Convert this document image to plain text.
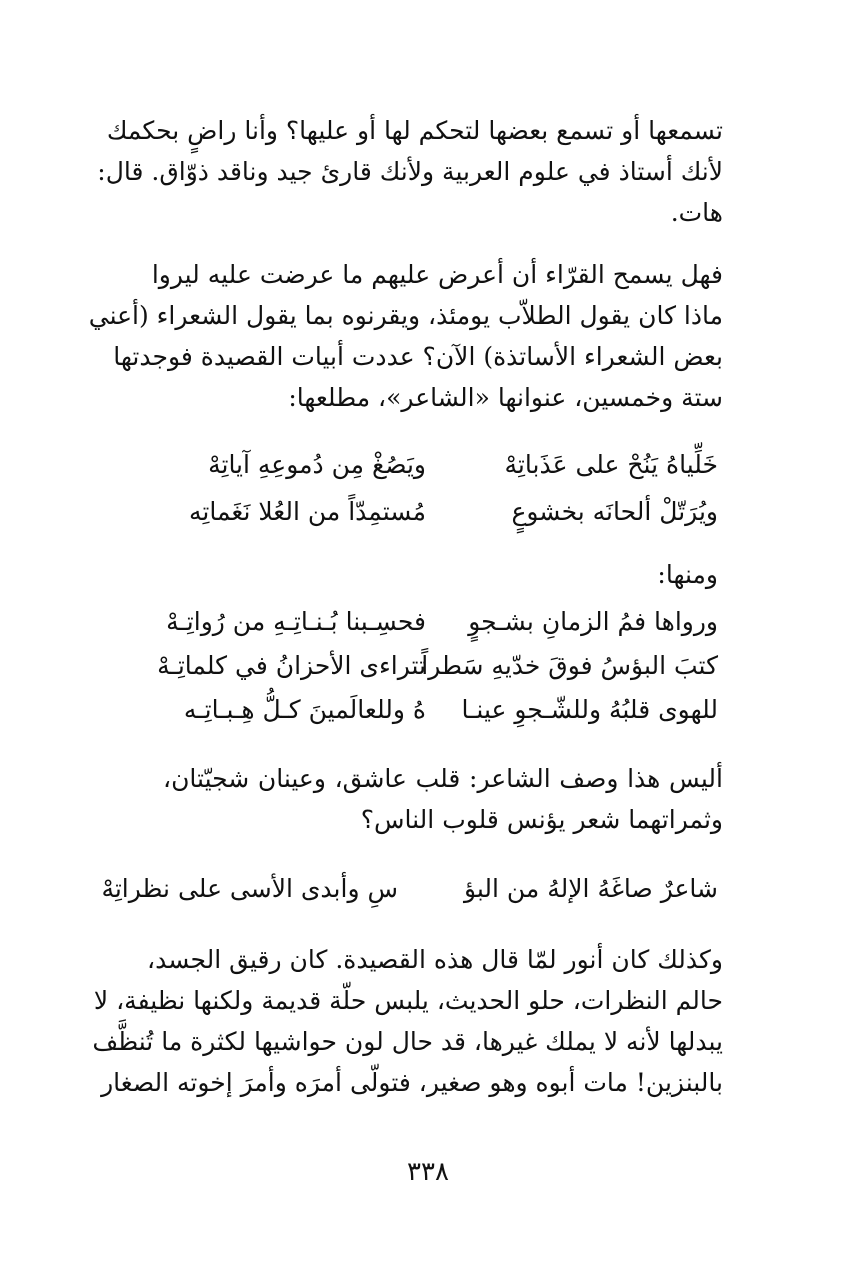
تسمعها أو تسمع بعضها لتحكم لها أو عليها؟ وأنا راضٍ بحكمك
لأنك أستاذ في علوم العربية ولأنك قارئ جيد وناقد ذوّاق. قال:
هات.
فهل يسمح القرّاء أن أعرض عليهم ما عرضت عليه ليروا
ماذا كان يقول الطلاّب يومئذ، ويقرنوه بما يقول الشعراء (أعني
بعض الشعراء الأساتذة) الآن؟ عددت أبيات القصيدة فوجدتها
ستة وخمسين، عنوانها «الشاعر»، مطلعها:
خَلِّياهُ يَنُحْ على عَذَباتِهْ
ويَصُغْ مِن دُموعِهِ آياتِهْ
ويُرَتّلْ ألحانَه بخشوعٍ
مُستمِدّاً من العُلا نَغَماتِه
ومنها:
ورواها فمُ الزمانِ بشـجوٍ
فحسِـبنا بُـنـاتِـهِ من رُواتِـهْ
كتبَ البؤسُ فوقَ خدّيهِ سَطراً
تتراءى الأحزانُ في كلماتِـهْ
للهوى قلبُهُ وللشّـجوِ عينـا
هُ وللعالَمينَ كـلُّ هِـبـاتِـه
أليس هذا وصف الشاعر: قلب عاشق، وعينان شجيّتان،
وثمراتهما شعر يؤنس قلوب الناس؟
شاعرٌ صاغَهُ الإلهُ من البؤ
سِ وأبدى الأسى على نظراتِهْ
وكذلك كان أنور لمّا قال هذه القصيدة. كان رقيق الجسد،
حالم النظرات، حلو الحديث، يلبس حلّة قديمة ولكنها نظيفة، لا
يبدلها لأنه لا يملك غيرها، قد حال لون حواشيها لكثرة ما تُنظَّف
بالبنزين! مات أبوه وهو صغير، فتولّى أمرَه وأمرَ إخوته الصغار
٣٣٨
